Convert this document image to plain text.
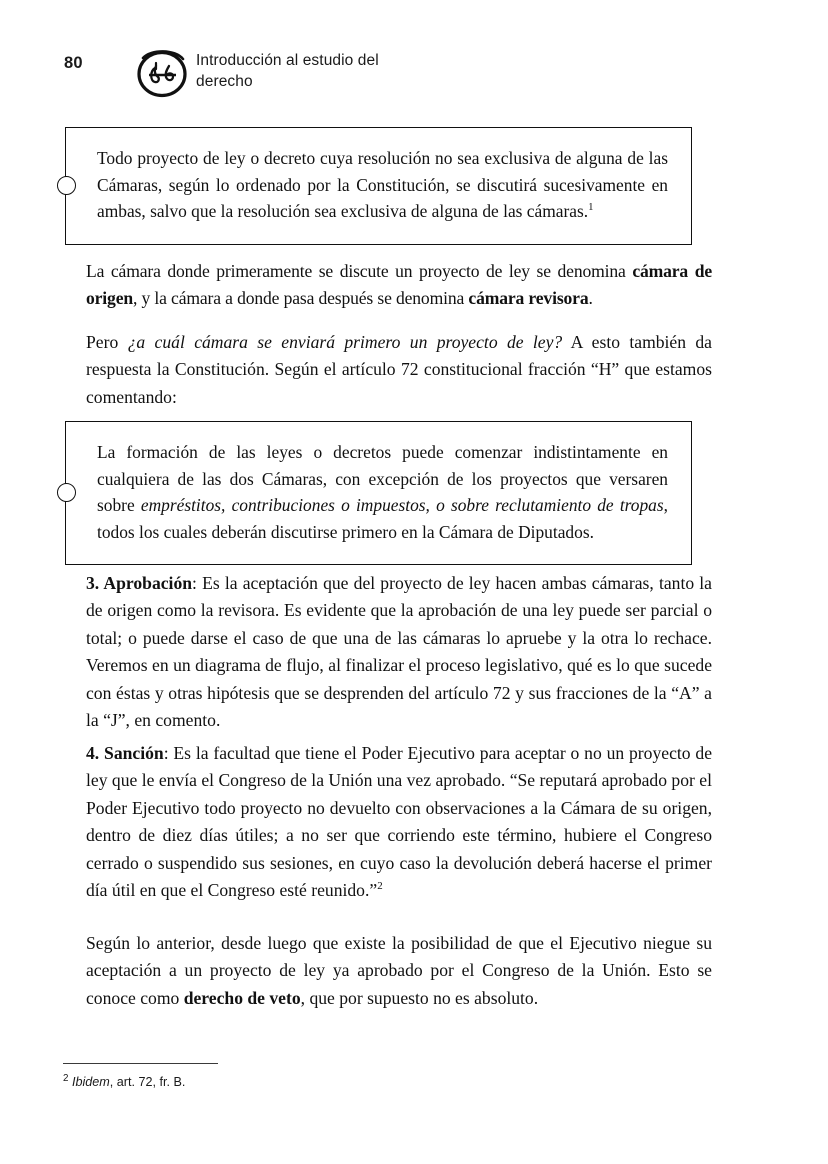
80	Introducción al estudio del
derecho

Todo proyecto de ley o decreto cuya resolución no sea exclusiva de alguna de las Cámaras, según lo ordenado por la Constitución, se discutirá sucesivamente en ambas, salvo que la resolución sea exclusiva de alguna de las cámaras.$^1$

La cámara donde primeramente se discute un proyecto de ley se denomina cámara de origen, y la cámara a donde pasa después se denomina cámara revisora.

Pero ¿a cuál cámara se enviará primero un proyecto de ley? A esto también da respuesta la Constitución. Según el artículo 72 constitucional fracción “H” que estamos comentando:

La formación de las leyes o decretos puede comenzar indistintamente en cualquiera de las dos Cámaras, con excepción de los proyectos que versaren sobre empréstitos, contribuciones o impuestos, o sobre reclutamiento de tropas, todos los cuales deberán discutirse primero en la Cámara de Diputados.

3. Aprobación: Es la aceptación que del proyecto de ley hacen ambas cámaras, tanto la de origen como la revisora. Es evidente que la aprobación de una ley puede ser parcial o total; o puede darse el caso de que una de las cámaras lo apruebe y la otra lo rechace. Veremos en un diagrama de flujo, al finalizar el proceso legislativo, qué es lo que sucede con éstas y otras hipótesis que se desprenden del artículo 72 y sus fracciones de la “A” a la “J”, en comento.

4. Sanción: Es la facultad que tiene el Poder Ejecutivo para aceptar o no un proyecto de ley que le envía el Congreso de la Unión una vez aprobado. “Se reputará aprobado por el Poder Ejecutivo todo proyecto no devuelto con observaciones a la Cámara de su origen, dentro de diez días útiles; a no ser que corriendo este término, hubiere el Congreso cerrado o suspendido sus sesiones, en cuyo caso la devolución deberá hacerse el primer día útil en que el Congreso esté reunido.”$^2$

Según lo anterior, desde luego que existe la posibilidad de que el Ejecutivo niegue su aceptación a un proyecto de ley ya aprobado por el Congreso de la Unión. Esto se conoce como derecho de veto, que por supuesto no es absoluto.

$^2$ Ibidem, art. 72, fr. B.
